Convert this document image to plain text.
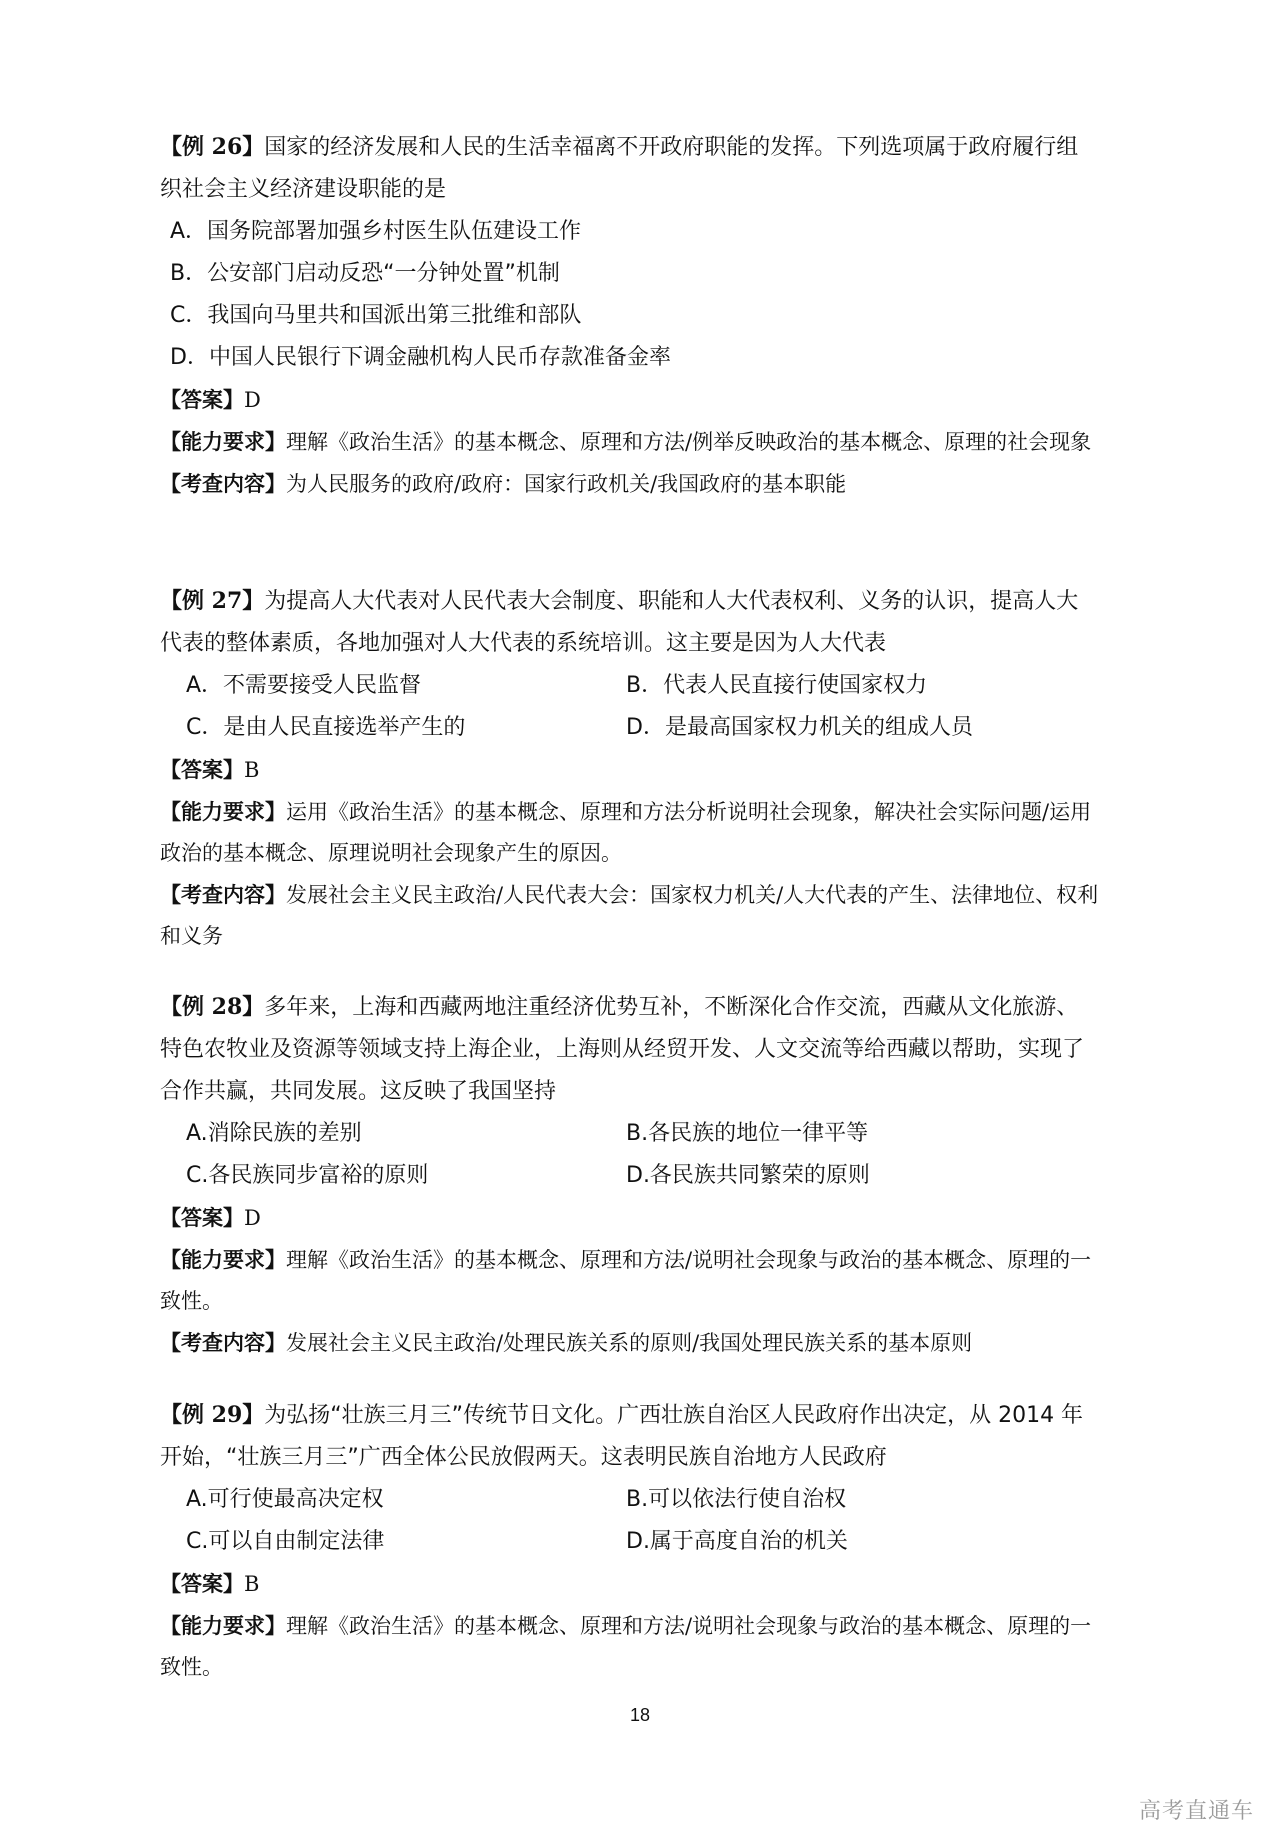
【例 26】国家的经济发展和人民的生活幸福离不开政府职能的发挥。下列选项属于政府履行组织社会主义经济建设职能的是

A．国务院部署加强乡村医生队伍建设工作
B．公安部门启动反恐“一分钟处置”机制
C．我国向马里共和国派出第三批维和部队
D．中国人民银行下调金融机构人民币存款准备金率

【答案】D

【能力要求】理解《政治生活》的基本概念、原理和方法/例举反映政治的基本概念、原理的社会现象

【考查内容】为人民服务的政府/政府：国家行政机关/我国政府的基本职能

【例 27】为提高人大代表对人民代表大会制度、职能和人大代表权利、义务的认识，提高人大代表的整体素质，各地加强对人大代表的系统培训。这主要是因为人大代表

A．不需要接受人民监督	B．代表人民直接行使国家权力
C．是由人民直接选举产生的	D．是最高国家权力机关的组成人员

【答案】B

【能力要求】运用《政治生活》的基本概念、原理和方法分析说明社会现象，解决社会实际问题/运用政治的基本概念、原理说明社会现象产生的原因。

【考查内容】发展社会主义民主政治/人民代表大会：国家权力机关/人大代表的产生、法律地位、权利和义务

【例 28】多年来，上海和西藏两地注重经济优势互补，不断深化合作交流，西藏从文化旅游、特色农牧业及资源等领域支持上海企业，上海则从经贸开发、人文交流等给西藏以帮助，实现了合作共赢，共同发展。这反映了我国坚持

A.消除民族的差别	B.各民族的地位一律平等
C.各民族同步富裕的原则	D.各民族共同繁荣的原则

【答案】D

【能力要求】理解《政治生活》的基本概念、原理和方法/说明社会现象与政治的基本概念、原理的一致性。

【考查内容】发展社会主义民主政治/处理民族关系的原则/我国处理民族关系的基本原则

【例 29】为弘扬“壮族三月三”传统节日文化。广西壮族自治区人民政府作出决定，从 2014 年开始，“壮族三月三”广西全体公民放假两天。这表明民族自治地方人民政府

A.可行使最高决定权	B.可以依法行使自治权
C.可以自由制定法律	D.属于高度自治的机关

【答案】B

【能力要求】理解《政治生活》的基本概念、原理和方法/说明社会现象与政治的基本概念、原理的一致性。

18
高考直通车
